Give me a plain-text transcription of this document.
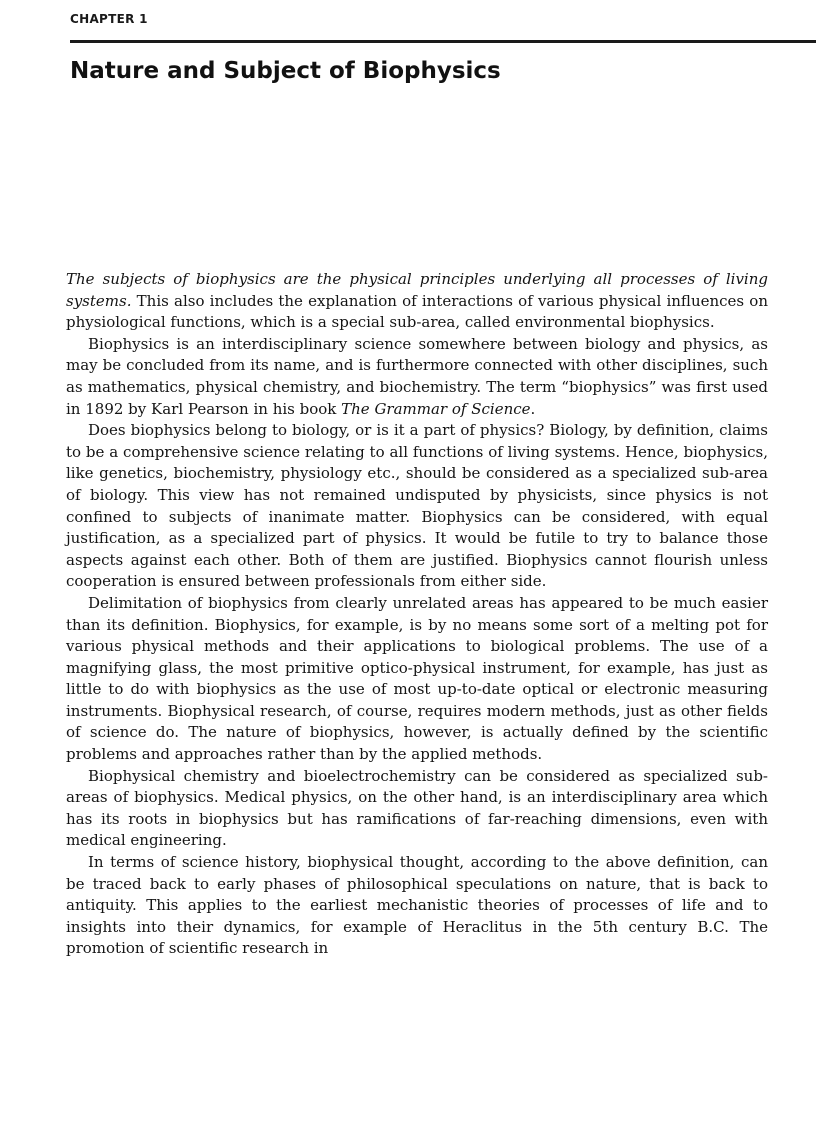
CHAPTER 1
Nature and Subject of Biophysics

The subjects of biophysics are the physical principles underlying all processes of living systems. This also includes the explanation of interactions of various physical influences on physiological functions, which is a special sub-area, called environmental biophysics.

Biophysics is an interdisciplinary science somewhere between biology and physics, as may be concluded from its name, and is furthermore connected with other disciplines, such as mathematics, physical chemistry, and biochemistry. The term “biophysics” was first used in 1892 by Karl Pearson in his book The Grammar of Science.

Does biophysics belong to biology, or is it a part of physics? Biology, by definition, claims to be a comprehensive science relating to all functions of living systems. Hence, biophysics, like genetics, biochemistry, physiology etc., should be considered as a specialized sub-area of biology. This view has not remained undisputed by physicists, since physics is not confined to subjects of inanimate matter. Biophysics can be considered, with equal justification, as a specialized part of physics. It would be futile to try to balance those aspects against each other. Both of them are justified. Biophysics cannot flourish unless cooperation is ensured between professionals from either side.

Delimitation of biophysics from clearly unrelated areas has appeared to be much easier than its definition. Biophysics, for example, is by no means some sort of a melting pot for various physical methods and their applications to biological problems. The use of a magnifying glass, the most primitive optico-physical instrument, for example, has just as little to do with biophysics as the use of most up-to-date optical or electronic measuring instruments. Biophysical research, of course, requires modern methods, just as other fields of science do. The nature of biophysics, however, is actually defined by the scientific problems and approaches rather than by the applied methods.

Biophysical chemistry and bioelectrochemistry can be considered as specialized sub-areas of biophysics. Medical physics, on the other hand, is an interdisciplinary area which has its roots in biophysics but has ramifications of far-reaching dimensions, even with medical engineering.

In terms of science history, biophysical thought, according to the above definition, can be traced back to early phases of philosophical speculations on nature, that is back to antiquity. This applies to the earliest mechanistic theories of processes of life and to insights into their dynamics, for example of Heraclitus in the 5th century B.C. The promotion of scientific research in
